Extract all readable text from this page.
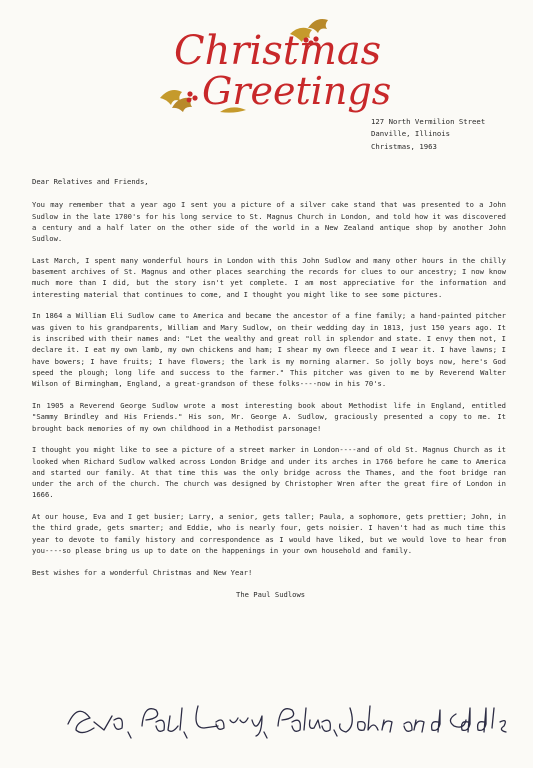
Christmas
Greetings
127 North Vermilion Street
Danville, Illinois
Christmas, 1963

Dear Relatives and Friends,

You may remember that a year ago I sent you a picture of a silver cake stand that was presented to a John Sudlow in the late 1700's for his long service to St. Magnus Church in London, and told how it was discovered a century and a half later on the other side of the world in a New Zealand antique shop by another John Sudlow.

Last March, I spent many wonderful hours in London with this John Sudlow and many other hours in the chilly basement archives of St. Magnus and other places searching the records for clues to our ancestry; I now know much more than I did, but the story isn't yet complete. I am most appreciative for the information and interesting material that continues to come, and I thought you might like to see some pictures.

In 1864 a William Eli Sudlow came to America and became the ancestor of a fine family; a hand-painted pitcher was given to his grandparents, William and Mary Sudlow, on their wedding day in 1813, just 150 years ago. It is inscribed with their names and: "Let the wealthy and great roll in splendor and state. I envy them not, I declare it. I eat my own lamb, my own chickens and ham; I shear my own fleece and I wear it. I have lawns; I have bowers; I have fruits; I have flowers; the lark is my morning alarmer. So jolly boys now, here's God speed the plough; long life and success to the farmer." This pitcher was given to me by Reverend Walter Wilson of Birmingham, England, a great-grandson of these folks----now in his 70's.

In 1905 a Reverend George Sudlow wrote a most interesting book about Methodist life in England, entitled "Sammy Brindley and His Friends." His son, Mr. George A. Sudlow, graciously presented a copy to me. It brought back memories of my own childhood in a Methodist parsonage!

I thought you might like to see a picture of a street marker in London----and of old St. Magnus Church as it looked when Richard Sudlow walked across London Bridge and under its arches in 1766 before he came to America and started our family. At that time this was the only bridge across the Thames, and the foot bridge ran under the arch of the church. The church was designed by Christopher Wren after the great fire of London in 1666.

At our house, Eva and I get busier; Larry, a senior, gets taller; Paula, a sophomore, gets prettier; John, in the third grade, gets smarter; and Eddie, who is nearly four, gets noisier. I haven't had as much time this year to devote to family history and correspondence as I would have liked, but we would love to hear from you----so please bring us up to date on the happenings in your own household and family.

Best wishes for a wonderful Christmas and New Year!

The Paul Sudlows
